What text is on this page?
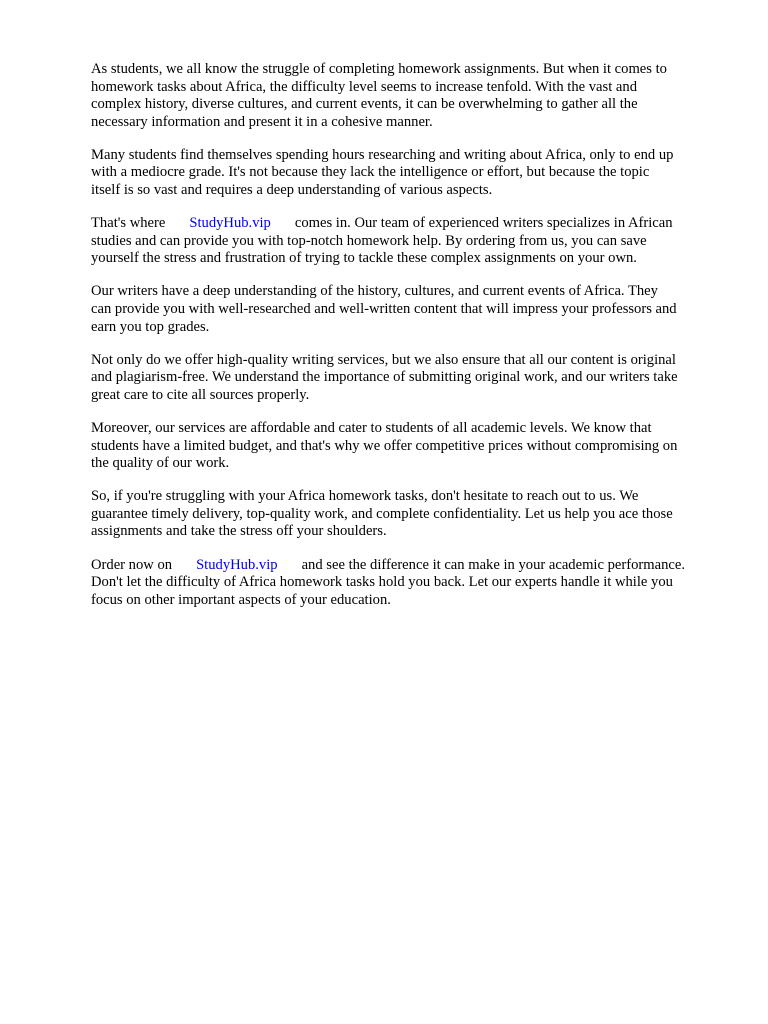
As students, we all know the struggle of completing homework assignments. But when it comes to
homework tasks about Africa, the difficulty level seems to increase tenfold. With the vast and
complex history, diverse cultures, and current events, it can be overwhelming to gather all the
necessary information and present it in a cohesive manner.

Many students find themselves spending hours researching and writing about Africa, only to end up
with a mediocre grade. It's not because they lack the intelligence or effort, but because the topic
itself is so vast and requires a deep understanding of various aspects.

That's where StudyHub.vip comes in. Our team of experienced writers specializes in African
studies and can provide you with top-notch homework help. By ordering from us, you can save
yourself the stress and frustration of trying to tackle these complex assignments on your own.

Our writers have a deep understanding of the history, cultures, and current events of Africa. They
can provide you with well-researched and well-written content that will impress your professors and
earn you top grades.

Not only do we offer high-quality writing services, but we also ensure that all our content is original
and plagiarism-free. We understand the importance of submitting original work, and our writers take
great care to cite all sources properly.

Moreover, our services are affordable and cater to students of all academic levels. We know that
students have a limited budget, and that's why we offer competitive prices without compromising on
the quality of our work.

So, if you're struggling with your Africa homework tasks, don't hesitate to reach out to us. We
guarantee timely delivery, top-quality work, and complete confidentiality. Let us help you ace those
assignments and take the stress off your shoulders.

Order now on StudyHub.vip and see the difference it can make in your academic performance.
Don't let the difficulty of Africa homework tasks hold you back. Let our experts handle it while you
focus on other important aspects of your education.
